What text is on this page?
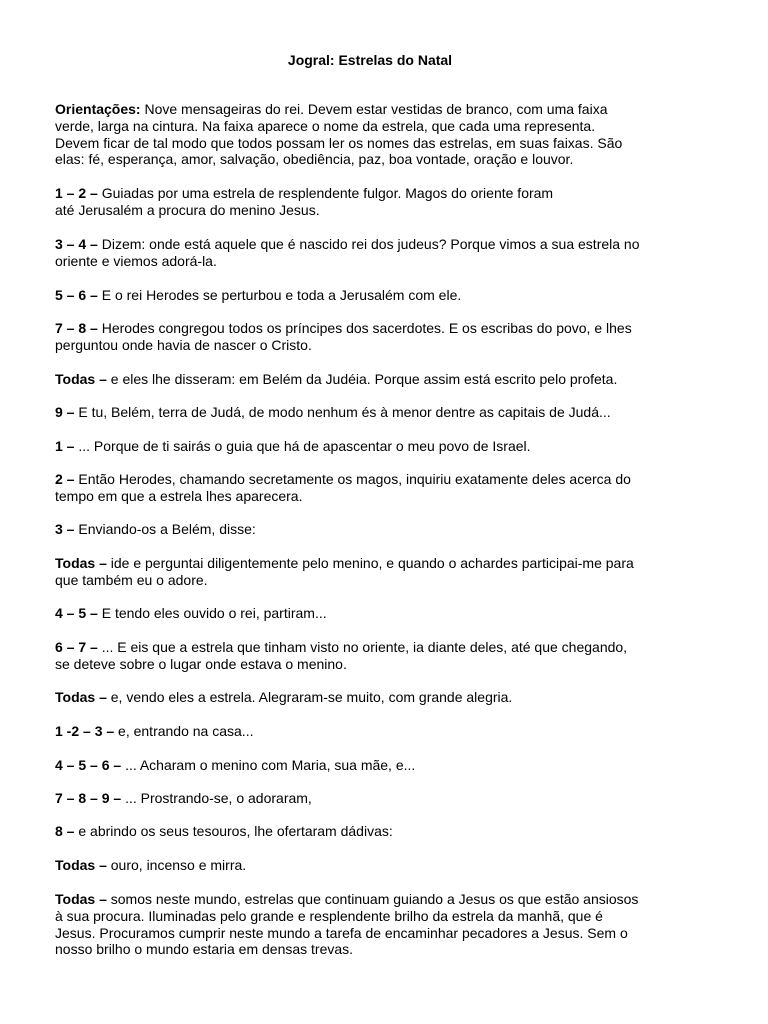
Jogral: Estrelas do Natal
Orientações: Nove mensageiras do rei. Devem estar vestidas de branco, com uma faixa
verde, larga na cintura. Na faixa aparece o nome da estrela, que cada uma representa.
Devem ficar de tal modo que todos possam ler os nomes das estrelas, em suas faixas. São
elas: fé, esperança, amor, salvação, obediência, paz, boa vontade, oração e louvor.
1 – 2 – Guiadas por uma estrela de resplendente fulgor. Magos do oriente foram
até Jerusalém a procura do menino Jesus.
3 – 4 – Dizem: onde está aquele que é nascido rei dos judeus? Porque vimos a sua estrela no
oriente e viemos adorá-la.
5 – 6 – E o rei Herodes se perturbou e toda a Jerusalém com ele.
7 – 8 – Herodes congregou todos os príncipes dos sacerdotes. E os escribas do povo, e lhes
perguntou onde havia de nascer o Cristo.
Todas – e eles lhe disseram: em Belém da Judéia. Porque assim está escrito pelo profeta.
9 – E tu, Belém, terra de Judá, de modo nenhum és à menor dentre as capitais de Judá...
1 – ... Porque de ti sairás o guia que há de apascentar o meu povo de Israel.
2 – Então Herodes, chamando secretamente os magos, inquiriu exatamente deles acerca do
tempo em que a estrela lhes aparecera.
3 – Enviando-os a Belém, disse:
Todas – ide e perguntai diligentemente pelo menino, e quando o achardes participai-me para
que também eu o adore.
4 – 5 – E tendo eles ouvido o rei, partiram...
6 – 7 – ... E eis que a estrela que tinham visto no oriente, ia diante deles, até que chegando,
se deteve sobre o lugar onde estava o menino.
Todas – e, vendo eles a estrela. Alegraram-se muito, com grande alegria.
1 -2 – 3 – e, entrando na casa...
4 – 5 – 6 – ... Acharam o menino com Maria, sua mãe, e...
7 – 8 – 9 – ... Prostrando-se, o adoraram,
8 – e abrindo os seus tesouros, lhe ofertaram dádivas:
Todas – ouro, incenso e mirra.
Todas – somos neste mundo, estrelas que continuam guiando a Jesus os que estão ansiosos
à sua procura. Iluminadas pelo grande e resplendente brilho da estrela da manhã, que é
Jesus. Procuramos cumprir neste mundo a tarefa de encaminhar pecadores a Jesus. Sem o
nosso brilho o mundo estaria em densas trevas.
